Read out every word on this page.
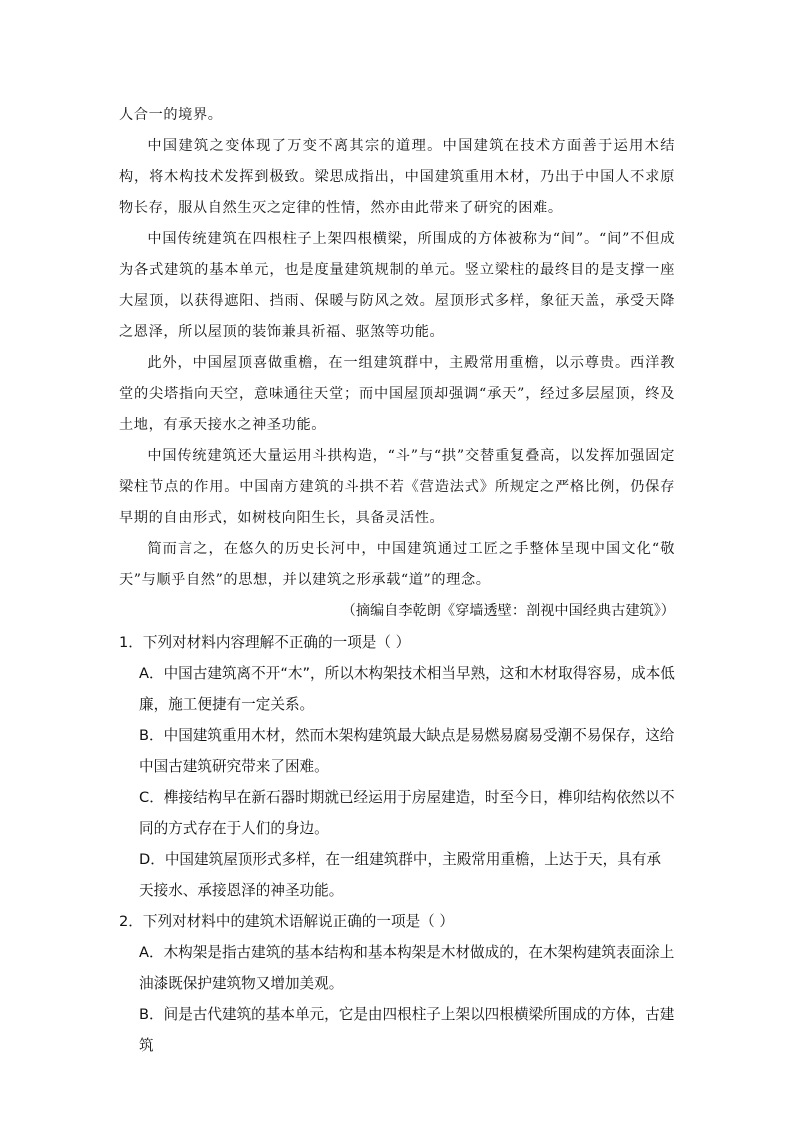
人合一的境界。

中国建筑之变体现了万变不离其宗的道理。中国建筑在技术方面善于运用木结构，将木构技术发挥到极致。梁思成指出，中国建筑重用木材，乃出于中国人不求原物长存，服从自然生灭之定律的性情，然亦由此带来了研究的困难。

中国传统建筑在四根柱子上架四根横梁，所围成的方体被称为“间”。“间”不但成为各式建筑的基本单元，也是度量建筑规制的单元。竖立梁柱的最终目的是支撑一座大屋顶，以获得遮阳、挡雨、保暖与防风之效。屋顶形式多样，象征天盖，承受天降之恩泽，所以屋顶的装饰兼具祈福、驱煞等功能。

此外，中国屋顶喜做重檐，在一组建筑群中，主殿常用重檐，以示尊贵。西洋教堂的尖塔指向天空，意味通往天堂；而中国屋顶却强调“承天”，经过多层屋顶，终及土地，有承天接水之神圣功能。

中国传统建筑还大量运用斗拱构造，“斗”与“拱”交替重复叠高，以发挥加强固定梁柱节点的作用。中国南方建筑的斗拱不若《营造法式》所规定之严格比例，仍保存早期的自由形式，如树枝向阳生长，具备灵活性。

简而言之，在悠久的历史长河中，中国建筑通过工匠之手整体呈现中国文化“敬天”与顺乎自然”的思想，并以建筑之形承载“道”的理念。

（摘编自李乾朗《穿墙透壁：剖视中国经典古建筑》）

1．下列对材料内容理解不正确的一项是（ ）

A．中国古建筑离不开“木”，所以木构架技术相当早熟，这和木材取得容易，成本低廉，施工便捷有一定关系。

B．中国建筑重用木材，然而木架构建筑最大缺点是易燃易腐易受潮不易保存，这给中国古建筑研究带来了困难。

C．榫接结构早在新石器时期就已经运用于房屋建造，时至今日，榫卯结构依然以不同的方式存在于人们的身边。

D．中国建筑屋顶形式多样，在一组建筑群中，主殿常用重檐，上达于天，具有承天接水、承接恩泽的神圣功能。

2．下列对材料中的建筑术语解说正确的一项是（ ）

A．木构架是指古建筑的基本结构和基本构架是木材做成的，在木架构建筑表面涂上油漆既保护建筑物又增加美观。

B．间是古代建筑的基本单元，它是由四根柱子上架以四根横梁所围成的方体，古建筑
